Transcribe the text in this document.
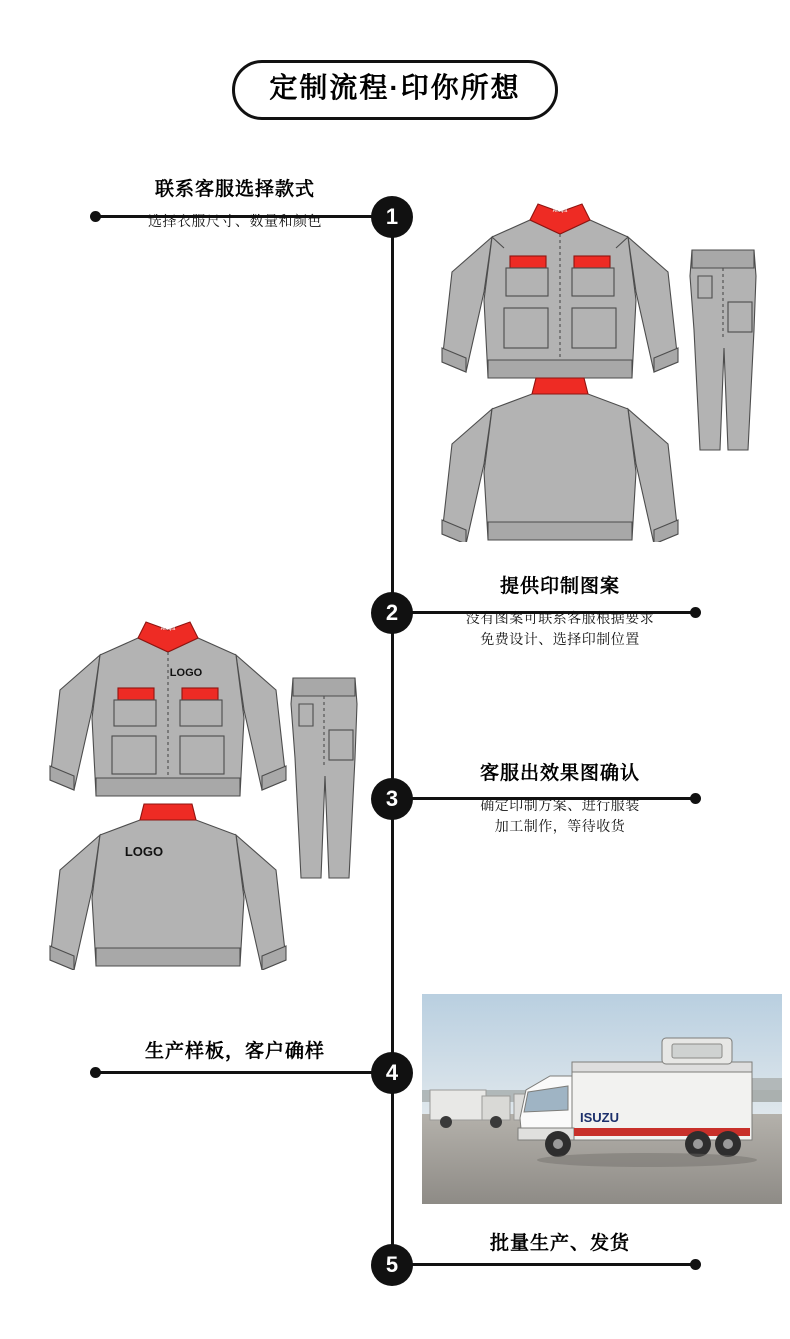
定制流程·印你所想
1
联系客服选择款式
选择衣服尺寸、数量和颜色
Aorqia
2
提供印制图案
没有图案可联系客服根据要求
免费设计、选择印制位置
Aorqia
LOGO
LOGO
3
客服出效果图确认
确定印制方案、进行服装
加工制作，等待收货
4
生产样板，客户确样
ISUZU
5
批量生产、发货
